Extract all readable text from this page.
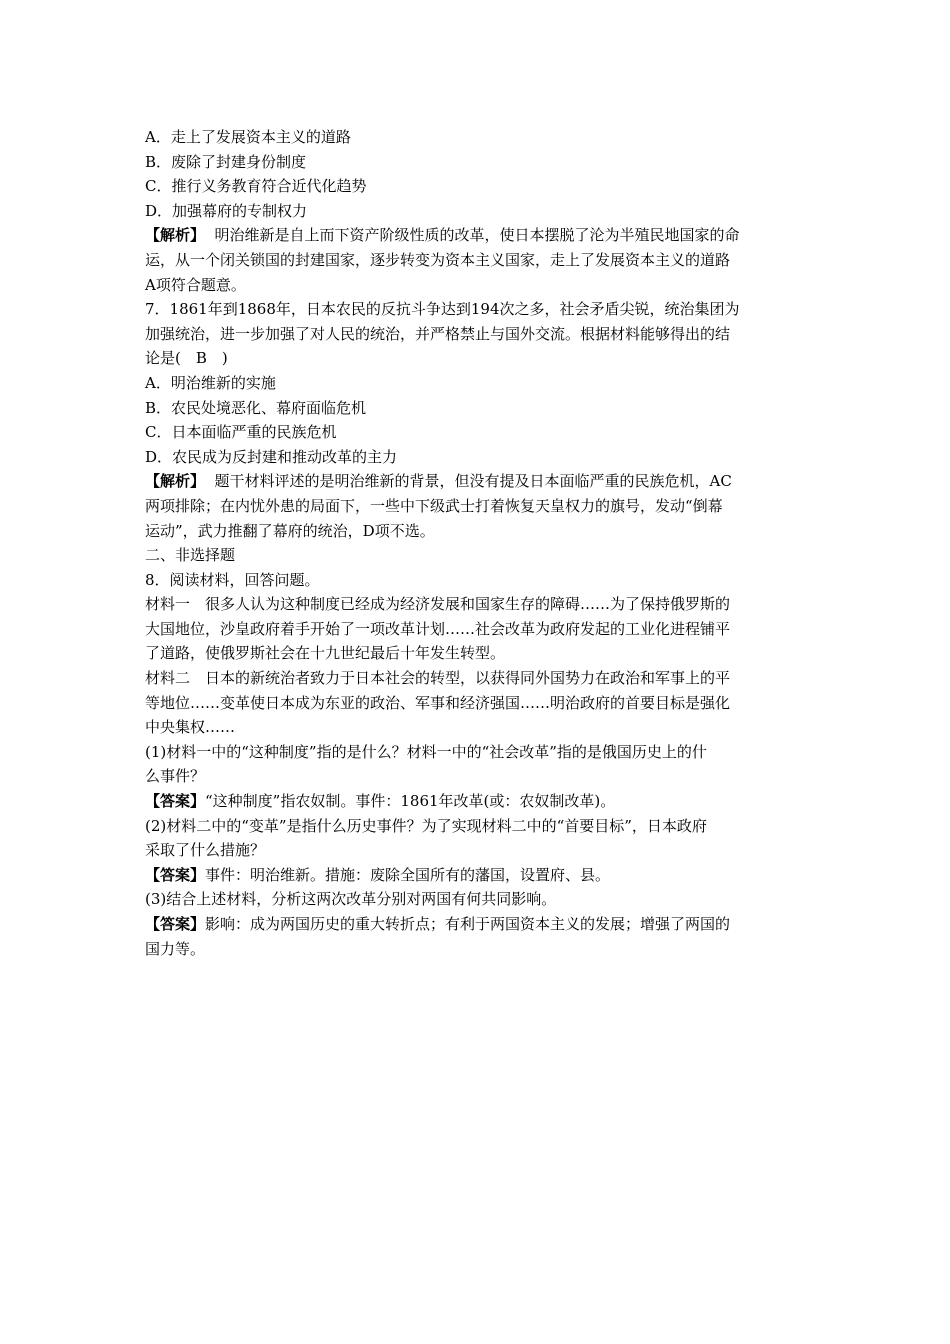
A．走上了发展资本主义的道路
B．废除了封建身份制度
C．推行义务教育符合近代化趋势
D．加强幕府的专制权力
【解析】  明治维新是自上而下资产阶级性质的改革，使日本摆脱了沦为半殖民地国家的命
运，从一个闭关锁国的封建国家，逐步转变为资本主义国家，走上了发展资本主义的道路
A项符合题意。
7．1861年到1868年，日本农民的反抗斗争达到194次之多，社会矛盾尖锐，统治集团为
加强统治，进一步加强了对人民的统治，并严格禁止与国外交流。根据材料能够得出的结
论是(　B　)
A．明治维新的实施
B．农民处境恶化、幕府面临危机
C．日本面临严重的民族危机
D．农民成为反封建和推动改革的主力
【解析】  题干材料评述的是明治维新的背景，但没有提及日本面临严重的民族危机，AC
两项排除；在内忧外患的局面下，一些中下级武士打着恢复天皇权力的旗号，发动“倒幕
运动”，武力推翻了幕府的统治，D项不选。
二、非选择题
8．阅读材料，回答问题。
材料一　很多人认为这种制度已经成为经济发展和国家生存的障碍……为了保持俄罗斯的
大国地位，沙皇政府着手开始了一项改革计划……社会改革为政府发起的工业化进程铺平
了道路，使俄罗斯社会在十九世纪最后十年发生转型。
材料二　日本的新统治者致力于日本社会的转型，以获得同外国势力在政治和军事上的平
等地位……变革使日本成为东亚的政治、军事和经济强国……明治政府的首要目标是强化
中央集权……
(1)材料一中的“这种制度”指的是什么？材料一中的“社会改革”指的是俄国历史上的什
么事件？
【答案】“这种制度”指农奴制。事件：1861年改革(或：农奴制改革)。
(2)材料二中的“变革”是指什么历史事件？为了实现材料二中的“首要目标”，日本政府
采取了什么措施？
【答案】事件：明治维新。措施：废除全国所有的藩国，设置府、县。
(3)结合上述材料，分析这两次改革分别对两国有何共同影响。
【答案】影响：成为两国历史的重大转折点；有利于两国资本主义的发展；增强了两国的
国力等。
